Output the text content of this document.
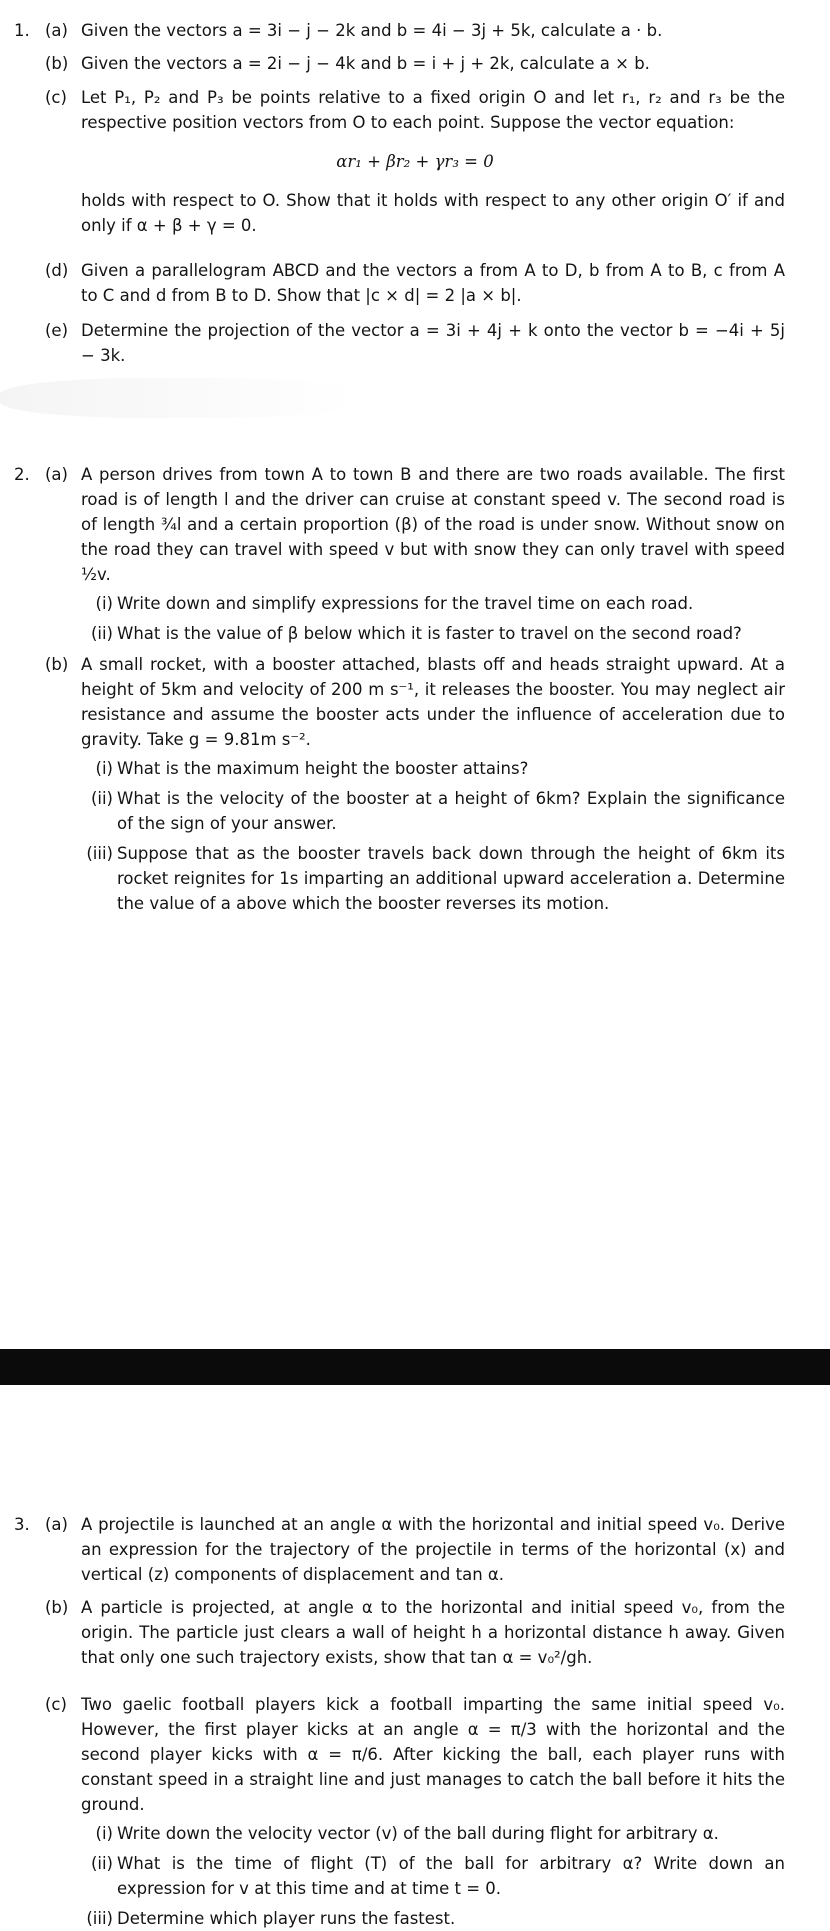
1. (a) Given the vectors a = 3i − j − 2k and b = 4i − 3j + 5k, calculate a · b.
(b) Given the vectors a = 2i − j − 4k and b = i + j + 2k, calculate a × b.
(c) Let P₁, P₂ and P₃ be points relative to a fixed origin O and let r₁, r₂ and r₃ be the respective position vectors from O to each point. Suppose the vector equation:
αr₁ + βr₂ + γr₃ = 0
holds with respect to O. Show that it holds with respect to any other origin O′ if and only if α + β + γ = 0.
(d) Given a parallelogram ABCD and the vectors a from A to D, b from A to B, c from A to C and d from B to D. Show that |c × d| = 2 |a × b|.
(e) Determine the projection of the vector a = 3i + 4j + k onto the vector b = −4i + 5j − 3k.
2. (a) A person drives from town A to town B and there are two roads available. The first road is of length l and the driver can cruise at constant speed v. The second road is of length ¾l and a certain proportion (β) of the road is under snow. Without snow on the road they can travel with speed v but with snow they can only travel with speed ½v.
(i) Write down and simplify expressions for the travel time on each road.
(ii) What is the value of β below which it is faster to travel on the second road?
(b) A small rocket, with a booster attached, blasts off and heads straight upward. At a height of 5km and velocity of 200 m s⁻¹, it releases the booster. You may neglect air resistance and assume the booster acts under the influence of acceleration due to gravity. Take g = 9.81m s⁻².
(i) What is the maximum height the booster attains?
(ii) What is the velocity of the booster at a height of 6km? Explain the significance of the sign of your answer.
(iii) Suppose that as the booster travels back down through the height of 6km its rocket reignites for 1s imparting an additional upward acceleration a. Determine the value of a above which the booster reverses its motion.
3. (a) A projectile is launched at an angle α with the horizontal and initial speed v₀. Derive an expression for the trajectory of the projectile in terms of the horizontal (x) and vertical (z) components of displacement and tan α.
(b) A particle is projected, at angle α to the horizontal and initial speed v₀, from the origin. The particle just clears a wall of height h a horizontal distance h away. Given that only one such trajectory exists, show that tan α = v₀²/gh.
(c) Two gaelic football players kick a football imparting the same initial speed v₀. However, the first player kicks at an angle α = π/3 with the horizontal and the second player kicks with α = π/6. After kicking the ball, each player runs with constant speed in a straight line and just manages to catch the ball before it hits the ground.
(i) Write down the velocity vector (v) of the ball during flight for arbitrary α.
(ii) What is the time of flight (T) of the ball for arbitrary α? Write down an expression for v at this time and at time t = 0.
(iii) Determine which player runs the fastest.
